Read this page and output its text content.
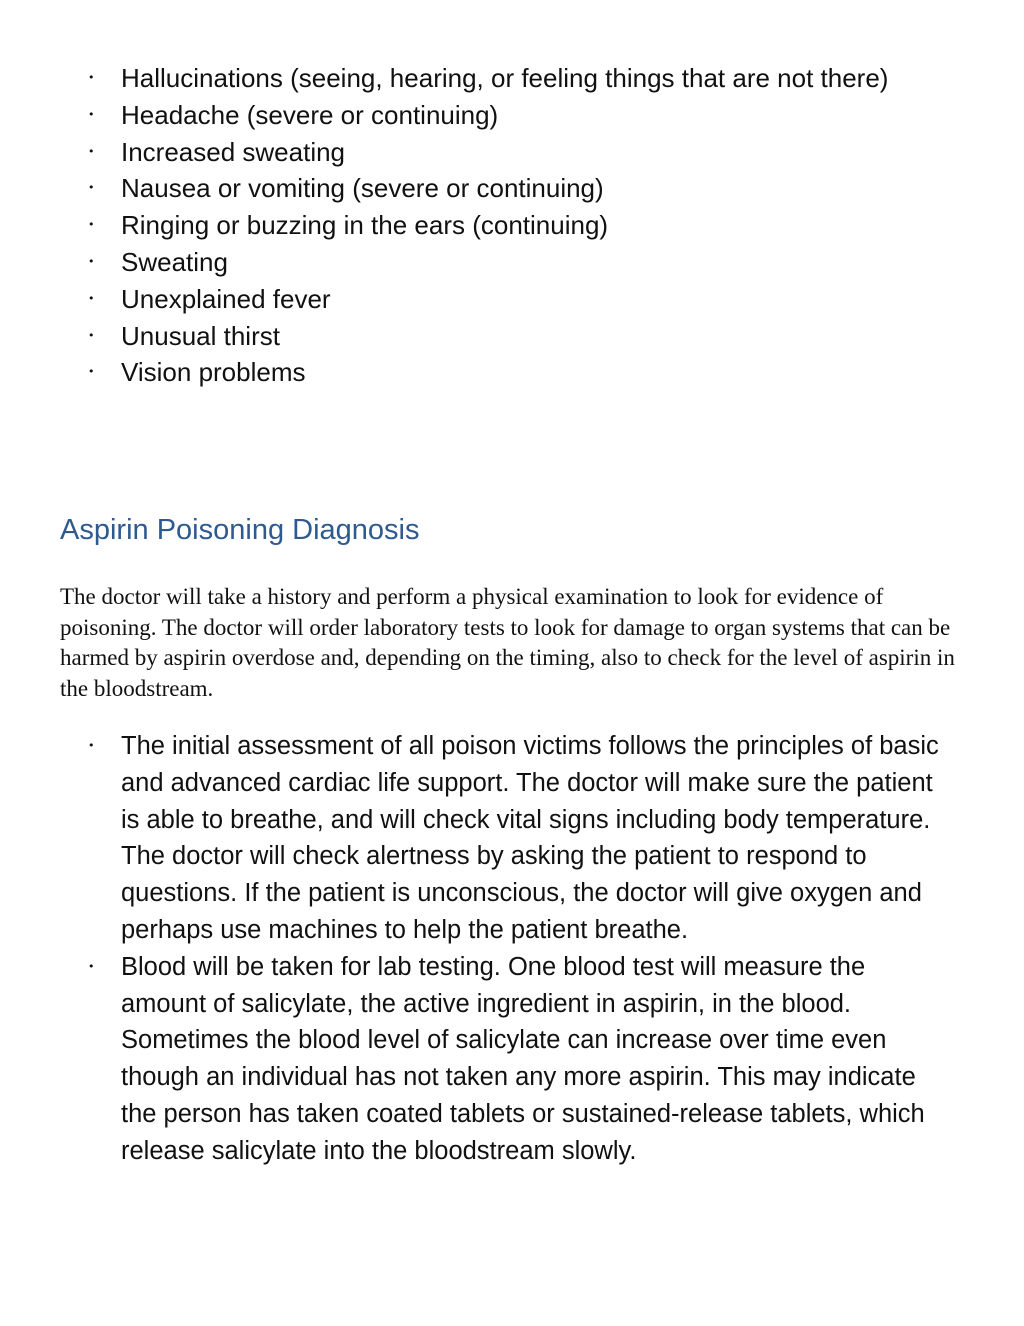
• Hallucinations (seeing, hearing, or feeling things that are not there)
• Headache (severe or continuing)
• Increased sweating
• Nausea or vomiting (severe or continuing)
• Ringing or buzzing in the ears (continuing)
• Sweating
• Unexplained fever
• Unusual thirst
• Vision problems
Aspirin Poisoning Diagnosis

The doctor will take a history and perform a physical examination to look for evidence of poisoning. The doctor will order laboratory tests to look for damage to organ systems that can be harmed by aspirin overdose and, depending on the timing, also to check for the level of aspirin in the bloodstream.

• The initial assessment of all poison victims follows the principles of basic and advanced cardiac life support. The doctor will make sure the patient is able to breathe, and will check vital signs including body temperature. The doctor will check alertness by asking the patient to respond to questions. If the patient is unconscious, the doctor will give oxygen and perhaps use machines to help the patient breathe.
• Blood will be taken for lab testing. One blood test will measure the amount of salicylate, the active ingredient in aspirin, in the blood. Sometimes the blood level of salicylate can increase over time even though an individual has not taken any more aspirin. This may indicate the person has taken coated tablets or sustained-release tablets, which release salicylate into the bloodstream slowly.
